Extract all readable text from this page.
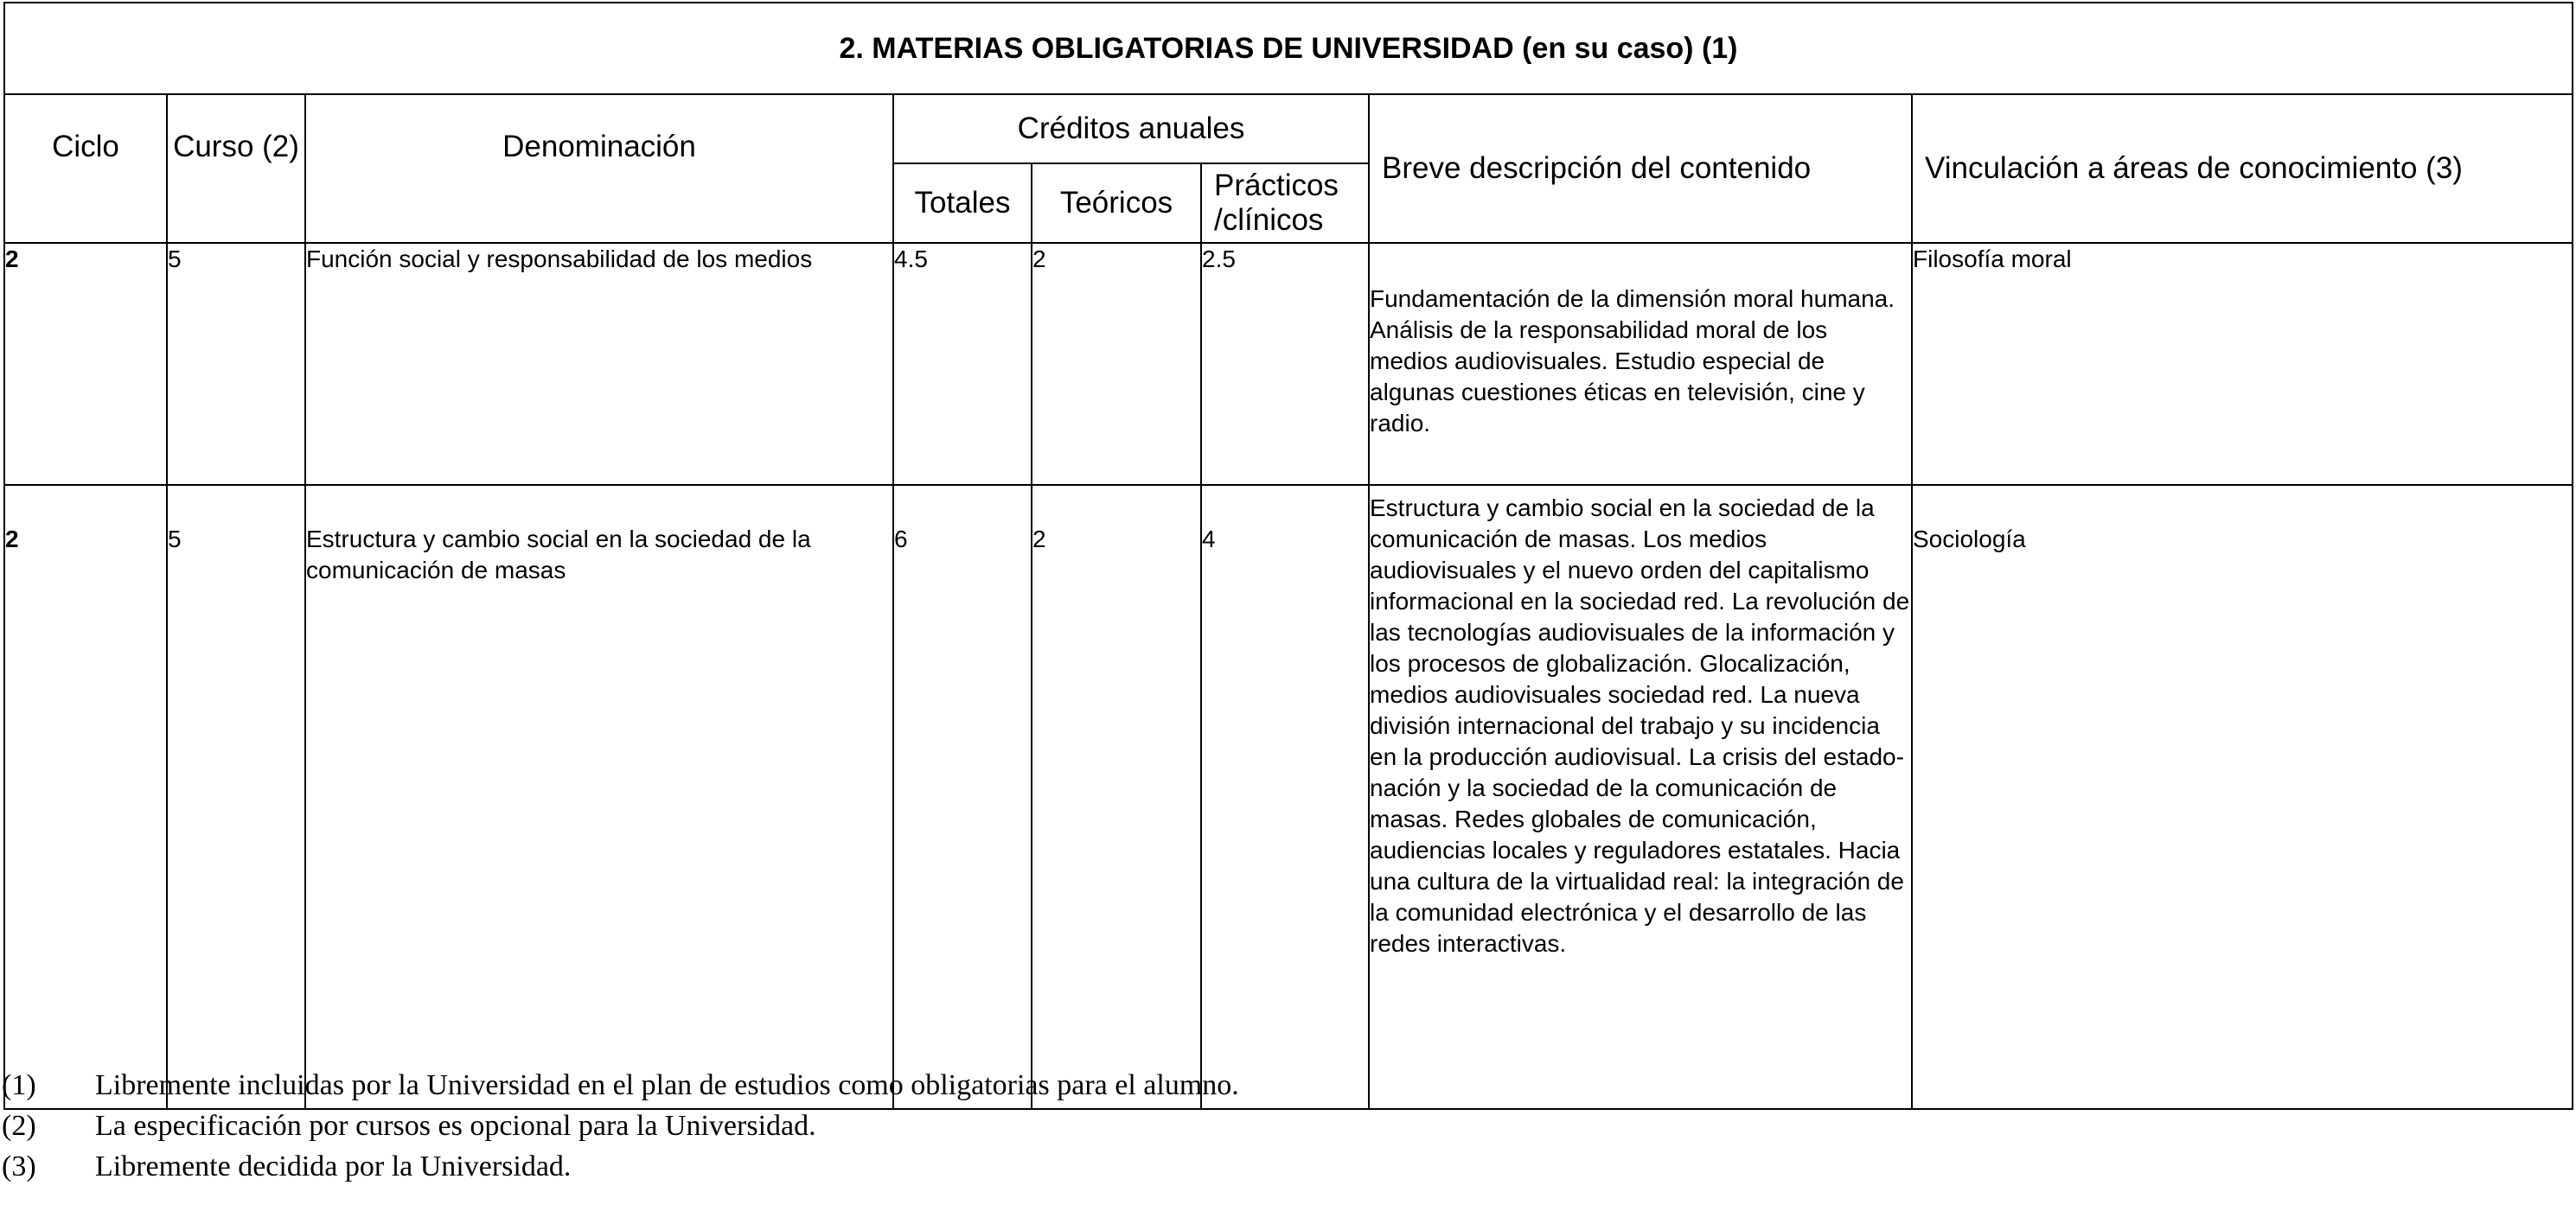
2. MATERIAS OBLIGATORIAS DE UNIVERSIDAD (en su caso) (1)							
Ciclo	Curso (2)	Denominación	Créditos anuales			Breve descripción del contenido	Vinculación a áreas de conocimiento (3)
			Totales	Teóricos	Prácticos /clínicos		
2	5	Función social y responsabilidad de los medios	4.5	2	2.5	Fundamentación de la dimensión moral humana. Análisis de la responsabilidad moral de los medios audiovisuales. Estudio especial de algunas cuestiones éticas en televisión, cine y radio.	Filosofía moral
2	5	Estructura y cambio social en la sociedad de la comunicación de masas	6	2	4	Estructura y cambio social en la sociedad de la comunicación de masas. Los medios audiovisuales y el nuevo orden del capitalismo informacional en la sociedad red. La revolución de las tecnologías audiovisuales de la información y los procesos de globalización. Glocalización, medios audiovisuales sociedad red. La nueva división internacional del trabajo y su incidencia en la producción audiovisual. La crisis del estado-nación y la sociedad de la comunicación de masas. Redes globales de comunicación, audiencias locales y reguladores estatales. Hacia una cultura de la virtualidad real: la integración de la comunidad electrónica y el desarrollo de las redes interactivas.	Sociología
(1)	Libremente incluidas por la Universidad en el plan de estudios como obligatorias para el alumno.
(2)	La especificación por cursos es opcional para la Universidad.
(3)	Libremente decidida por la Universidad.
